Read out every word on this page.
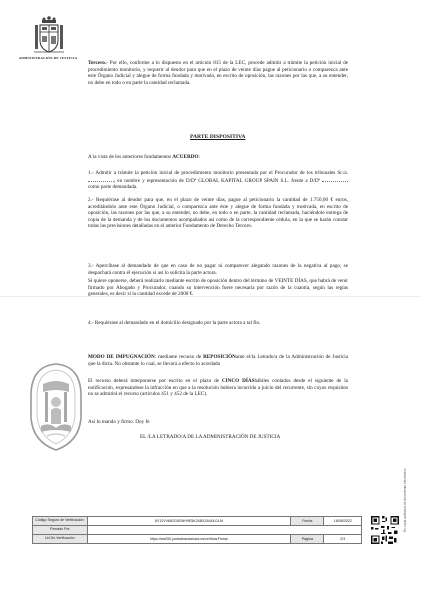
ADMINISTRACIÓN DE JUSTICIA
Tercero.- Por ello, conforme a lo dispuesto en el artículo 815 de la LEC, procede admitir a trámite la petición inicial de procedimiento monitorio, y requerir al deudor para que en el plazo de veinte días pague al peticionario o comparezca ante este Órgano Judicial y alegue de forma fundada y motivada, en escrito de oposición, las razones por las que, a su entender, no debe en todo o en parte la cantidad reclamada.
PARTE DISPOSITIVA
A la vista de los anteriores fundamentos ACUERDO:
1.- Admitir a trámite la petición inicial de procedimiento monitorio presentada por el Procurador de los tribunales Sr./a. , en nombre y representación de D/Dª GLOBAL KAPITAL GROUP SPAIN S.L. frente a D/Dª  como parte demandada.
2.- Requiérase al deudor para que, en el plazo de veinte días, pague al peticionario la cantidad de 1.750,00 € euros, acreditándolo ante este Órgano Judicial, o comparezca ante éste y alegue de forma fundada y motivada, en escrito de oposición, las razones por las que, a su entender, no debe, en todo o en parte, la cantidad reclamada, haciéndole entrega de copia de la demanda y de los documentos acompañados así como de la correspondiente cédula, en la que se harán constar todas las previsiones detalladas en el anterior Fundamento de Derecho Tercero.
3.- Apercíbase al demandado de que en caso de no pagar ni comparecer alegando razones de la negativa al pago, se despachará contra él ejecución si así lo solicita la parte actora.
Si quiere oponerse, deberá realizarlo mediante escrito de oposición dentro del término de VEINTE DÍAS, que habrá de venir firmado por Abogado y Procurador, cuando su intervención fuere necesaria por razón de la cuantía, según las reglas generales, es decir si la cantidad excede de 2000 €.
4.- Requiérase al demandado en el domicilio designado por la parte actora a tal fin.
MODO DE IMPUGNACIÓN: mediante recurso de REPOSICIÓNante el/la Letrado/a de la Administración de Justicia que la dicta. No obstante lo cual, se llevará a efecto lo acordado
El recurso deberá interponerse por escrito en el plazo de CINCO DÍAShábiles contados desde el siguiente de la notificación, expresándose la infracción en que a la resolución hubiera incurrido a juicio del recurrente, sin cuyos requisitos no se admitirá el recurso (artículos 451 y 452 de la LEC).
Así lo mando y firmo. Doy fe
EL /LA LETRADO/A DE LA ADMINISTRACIÓN DE JUSTICIA
Es copia auténtica de documento electrónico
Código Seguro de Verificación:	8Y12VV682G8GNH9E5K24BX2A9ULDLM	Fecha	18/08/2022
Firmado Por			
Url De Verificación	https://ws050.juntadeandalucia.es/verificarFirma/	Página	2/3
